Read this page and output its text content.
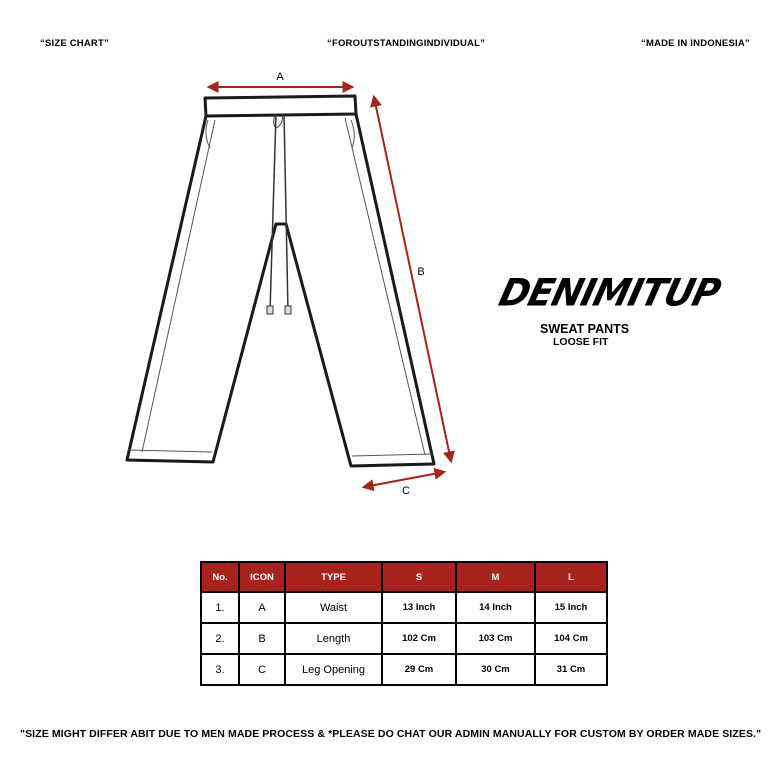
“SIZE CHART”	“FOROUTSTANDINGINDIVIDUAL”	“MADE IN INDONESIA”
A
B
C
DENIMITUP
SWEAT PANTS
LOOSE FIT
No.	ICON	TYPE	S	M	L
1.	A	Waist	13 Inch	14 Inch	15 Inch
2.	B	Length	102 Cm	103 Cm	104 Cm
3.	C	Leg Opening	29 Cm	30 Cm	31 Cm
"SIZE MIGHT DIFFER ABIT DUE TO MEN MADE PROCESS & *PLEASE DO CHAT OUR ADMIN MANUALLY FOR CUSTOM BY ORDER MADE SIZES."
